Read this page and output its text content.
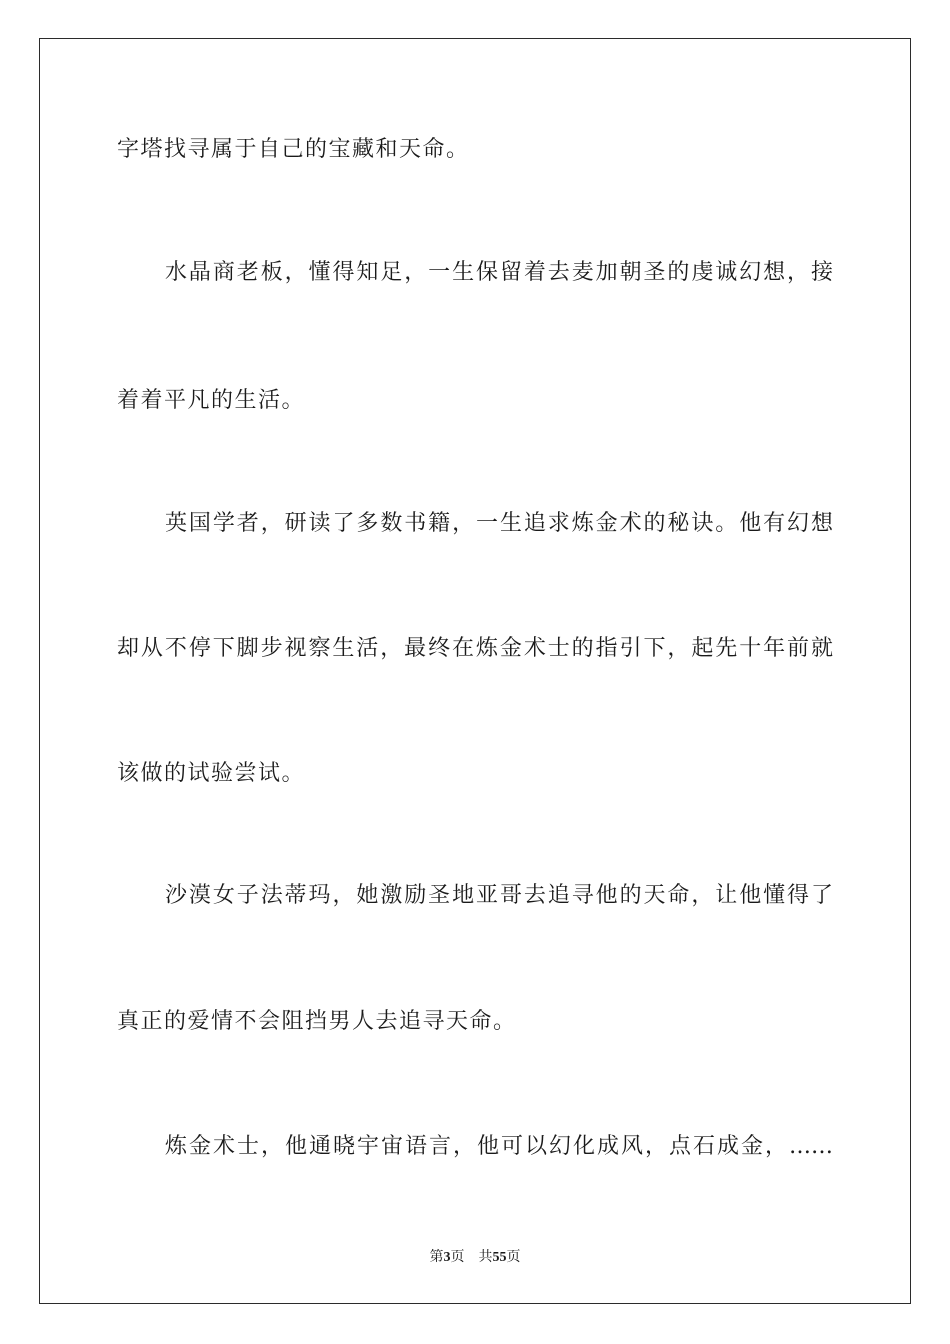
字塔找寻属于自己的宝藏和天命。

水晶商老板，懂得知足，一生保留着去麦加朝圣的虔诚幻想，接

着着平凡的生活。

英国学者，研读了多数书籍，一生追求炼金术的秘诀。他有幻想

却从不停下脚步视察生活，最终在炼金术士的指引下，起先十年前就

该做的试验尝试。

沙漠女子法蒂玛，她激励圣地亚哥去追寻他的天命，让他懂得了

真正的爱情不会阻挡男人去追寻天命。

炼金术士，他通晓宇宙语言，他可以幻化成风，点石成金，……

第3页 共55页
